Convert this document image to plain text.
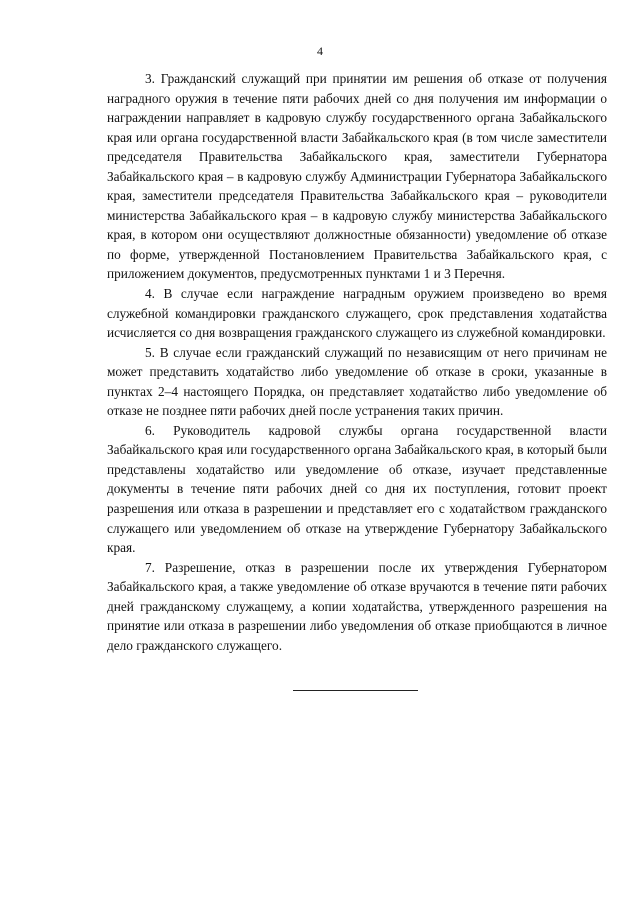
4

3. Гражданский служащий при принятии им решения об отказе от получения наградного оружия в течение пяти рабочих дней со дня получения им информации о награждении направляет в кадровую службу государственного органа Забайкальского края или органа государственной власти Забайкальского края (в том числе заместители председателя Правительства Забайкальского края, заместители Губернатора Забайкальского края – в кадровую службу Администрации Губернатора Забайкальского края, заместители председателя Правительства Забайкальского края – руководители министерства Забайкальского края – в кадровую службу министерства Забайкальского края, в котором они осуществляют должностные обязанности) уведомление об отказе по форме, утвержденной Постановлением Правительства Забайкальского края, с приложением документов, предусмотренных пунктами 1 и 3 Перечня.

4. В случае если награждение наградным оружием произведено во время служебной командировки гражданского служащего, срок представления ходатайства исчисляется со дня возвращения гражданского служащего из служебной командировки.

5. В случае если гражданский служащий по независящим от него причинам не может представить ходатайство либо уведомление об отказе в сроки, указанные в пунктах 2–4 настоящего Порядка, он представляет ходатайство либо уведомление об отказе не позднее пяти рабочих дней после устранения таких причин.

6. Руководитель кадровой службы органа государственной власти Забайкальского края или государственного органа Забайкальского края, в который были представлены ходатайство или уведомление об отказе, изучает представленные документы в течение пяти рабочих дней со дня их поступления, готовит проект разрешения или отказа в разрешении и представляет его с ходатайством гражданского служащего или уведомлением об отказе на утверждение Губернатору Забайкальского края.

7. Разрешение, отказ в разрешении после их утверждения Губернатором Забайкальского края, а также уведомление об отказе вручаются в течение пяти рабочих дней гражданскому служащему, а копии ходатайства, утвержденного разрешения на принятие или отказа в разрешении либо уведомления об отказе приобщаются в личное дело гражданского служащего.
